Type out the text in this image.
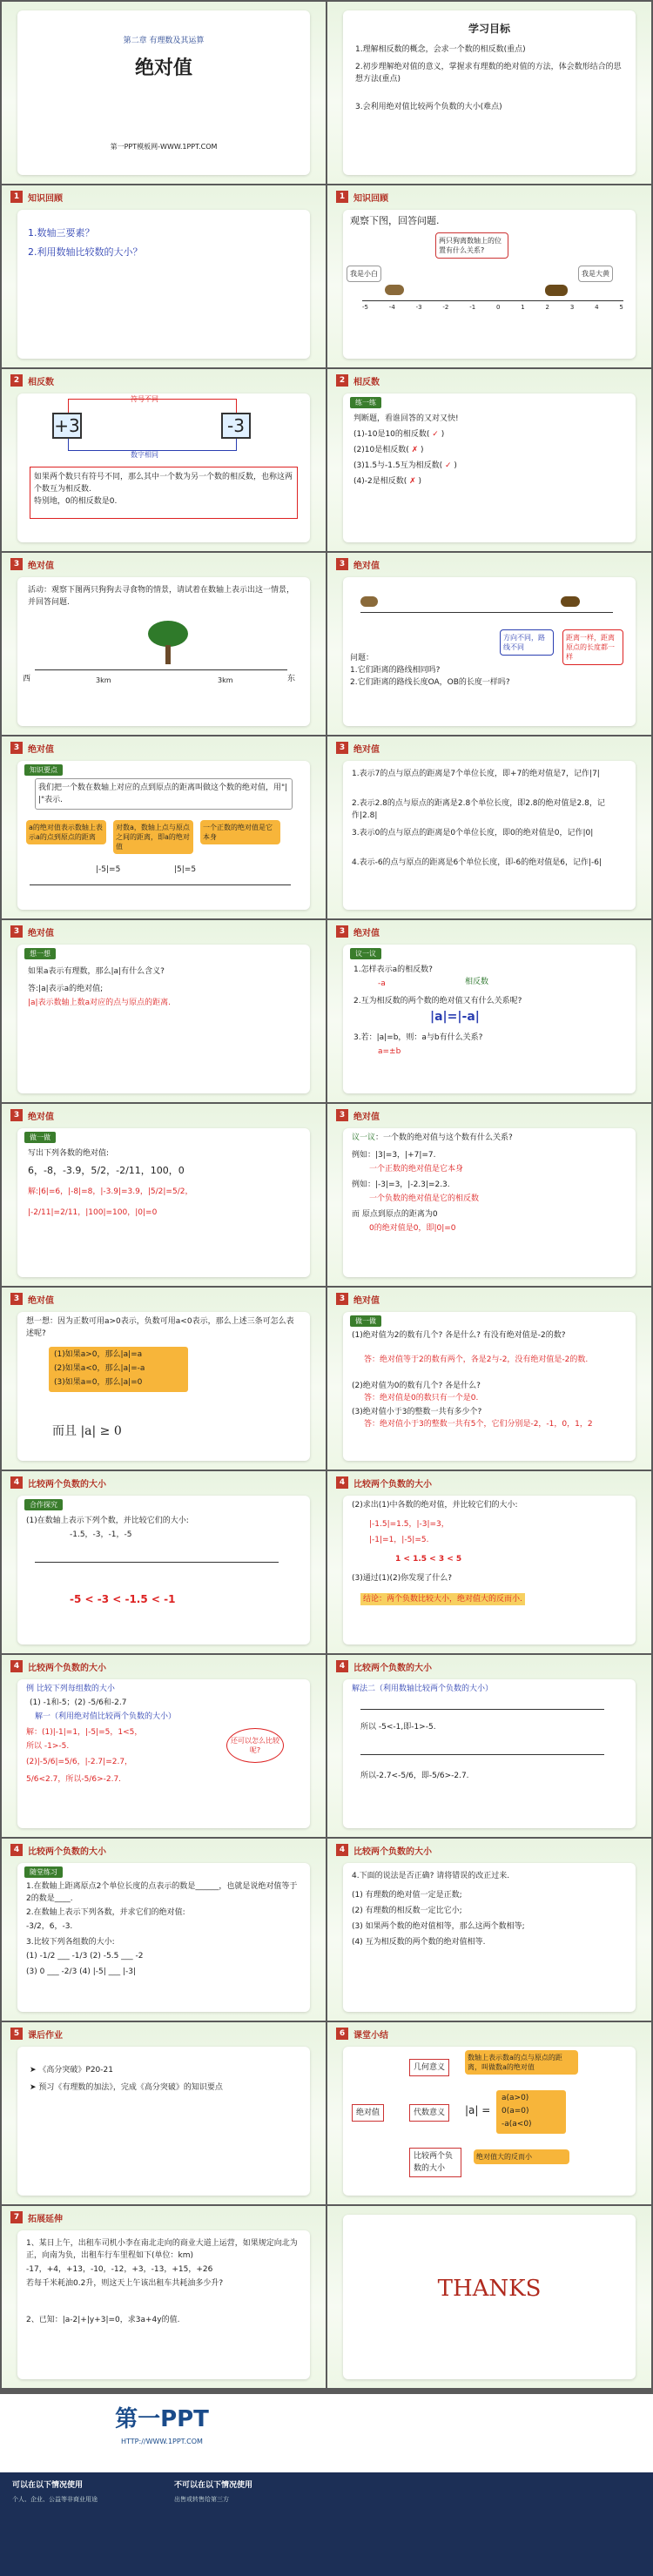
第二章 有理数及其运算
绝对值
第一PPT模板网-WWW.1PPT.COM
学习目标
1.理解相反数的概念，会求一个数的相反数(重点)
2.初步理解绝对值的意义，掌握求有理数的绝对值的方法，体会数形结合的思想方法(重点)
3.会利用绝对值比较两个负数的大小(难点)
1 知识回顾
1.数轴三要素？
2.利用数轴比较数的大小？
1 知识回顾
观察下图，回答问题.
两只狗离数轴上的位置有什么关系?
我是小白	我是大黄
-5	-4	-3	-2	-1	0	1	2	3	4	5
2 相反数
+3	-3
符号不同
数字相同
如果两个数只有符号不同，那么其中一个数为另一个数的相反数，也称这两个数互为相反数.
特别地，0的相反数是0.
2 相反数
练一练
判断题，看谁回答的又对又快!
(1)-10是10的相反数( ✓ )
(2)10是相反数( ✗ )
(3)1.5与-1.5互为相反数( ✓ )
(4)-2是相反数( ✗ )
3 绝对值
活动：观察下图两只狗狗去寻食物的情景，请试着在数轴上表示出这一情景，并回答问题.
西	东
3km	3km
3 绝对值
问题：
1.它们距离的路线相同吗?
2.它们距离的路线长度OA，OB的长度一样吗?
方向不同，路线不同
距离一样，距离原点的长度都一样
3 绝对值
知识要点
我们把一个数在数轴上对应的点到原点的距离叫做这个数的绝对值，用"| |"表示.
a的绝对值表示数轴上表示a的点到原点的距离
对数a，数轴上点与原点之间的距离，即a的绝对值
一个正数的绝对值是它本身
|-5|=5	|5|=5
3 绝对值
1.表示7的点与原点的距离是7个单位长度，即+7的绝对值是7，记作|7|
2.表示2.8的点与原点的距离是2.8个单位长度，即2.8的绝对值是2.8，记作|2.8|
3.表示0的点与原点的距离是0个单位长度，即0的绝对值是0，记作|0|
4.表示-6的点与原点的距离是6个单位长度，即-6的绝对值是6，记作|-6|
3 绝对值
想一想
如果a表示有理数，那么|a|有什么含义?
答:|a|表示a的绝对值;
|a|表示数轴上数a对应的点与原点的距离.
3 绝对值
议一议
1.怎样表示a的相反数?
-a	相反数
2.互为相反数的两个数的绝对值又有什么关系呢?
|a|=|-a|
3.若：|a|=b，则：a与b有什么关系?
a=±b
3 绝对值
做一做
写出下列各数的绝对值:
6，-8，-3.9，5/2，-2/11，100，0
解:|6|=6，|-8|=8，|-3.9|=3.9，|5/2|=5/2，
|-2/11|=2/11，|100|=100，|0|=0
3 绝对值
议一议：一个数的绝对值与这个数有什么关系?
例如：|3|=3，|+7|=7.
一个正数的绝对值是它本身
例如：|-3|=3，|-2.3|=2.3.
一个负数的绝对值是它的相反数
而 原点到原点的距离为0
0的绝对值是0，即|0|=0
3 绝对值
想一想：因为正数可用a>0表示，负数可用a<0表示，那么上述三条可怎么表述呢?
(1)如果a>0，那么|a|=a
(2)如果a<0，那么|a|=-a
(3)如果a=0，那么|a|=0
而且 |a| ≥ 0
3 绝对值
做一做
(1)绝对值为2的数有几个? 各是什么? 有没有绝对值是-2的数?
答：绝对值等于2的数有两个，各是2与-2，没有绝对值是-2的数.
(2)绝对值为0的数有几个? 各是什么?
答：绝对值是0的数只有一个是0.
(3)绝对值小于3的整数一共有多少个?
答：绝对值小于3的整数一共有5个，它们分别是-2，-1，0，1，2
4 比较两个负数的大小
合作探究
(1)在数轴上表示下列个数，并比较它们的大小:
-1.5，-3，-1，-5
-5 < -3 < -1.5 < -1
4 比较两个负数的大小
(2)求出(1)中各数的绝对值，并比较它们的大小:
|-1.5|=1.5，|-3|=3，
|-1|=1，|-5|=5.
1 < 1.5 < 3 < 5
(3)通过(1)(2)你发现了什么?
结论：两个负数比较大小，绝对值大的反而小.
4 比较两个负数的大小
例 比较下列每组数的大小
(1) -1和-5；(2) -5/6和-2.7
解一（利用绝对值比较两个负数的大小）
解：(1)|-1|=1，|-5|=5，1<5，
所以 -1>-5.
(2)|-5/6|=5/6，|-2.7|=2.7，
5/6<2.7，所以-5/6>-2.7.
还可以怎么比较呢?
4 比较两个负数的大小
解法二（利用数轴比较两个负数的大小）
所以 -5<-1,即-1>-5.
所以-2.7<-5/6，即-5/6>-2.7.
4 比较两个负数的大小
随堂练习
1.在数轴上距离原点2个单位长度的点表示的数是______，也就是说绝对值等于2的数是____.
2.在数轴上表示下列各数，并求它们的绝对值:
-3/2，6，-3.
3.比较下列各组数的大小:
(1) -1/2 ___ -1/3 (2) -5.5 ___ -2
(3) 0 ___ -2/3 (4) |-5| ___ |-3|
4 比较两个负数的大小
4.下面的说法是否正确? 请将错误的改正过来.
(1) 有理数的绝对值一定是正数;
(2) 有理数的相反数一定比它小;
(3) 如果两个数的绝对值相等，那么这两个数相等;
(4) 互为相反数的两个数的绝对值相等.
5 课后作业
➤ 《高分突破》P20-21
➤ 预习《有理数的加法》，完成《高分突破》的知识要点
6 课堂小结
绝对值
几何意义
数轴上表示数a的点与原点的距离，叫做数a的绝对值
代数意义	|a| =
a(a>0)
0(a=0)
-a(a<0)
比较两个负数的大小
绝对值大的反而小
7 拓展延伸
1、某日上午，出租车司机小李在南北走向的商业大道上运营，如果规定向北为正，向南为负，出租车行车里程如下(单位：km)
-17，+4，+13，-10，-12，+3，-13，+15，+26
若每千米耗油0.2升，则这天上午该出租车共耗油多少升?
2、已知：|a-2|+|y+3|=0，求3a+4y的值.
THANKS
第一PPT
HTTP://WWW.1PPT.COM
可以在以下情况使用
个人、企业、公益等非商业用途
不可以在以下情况使用
出售或转售给第三方
